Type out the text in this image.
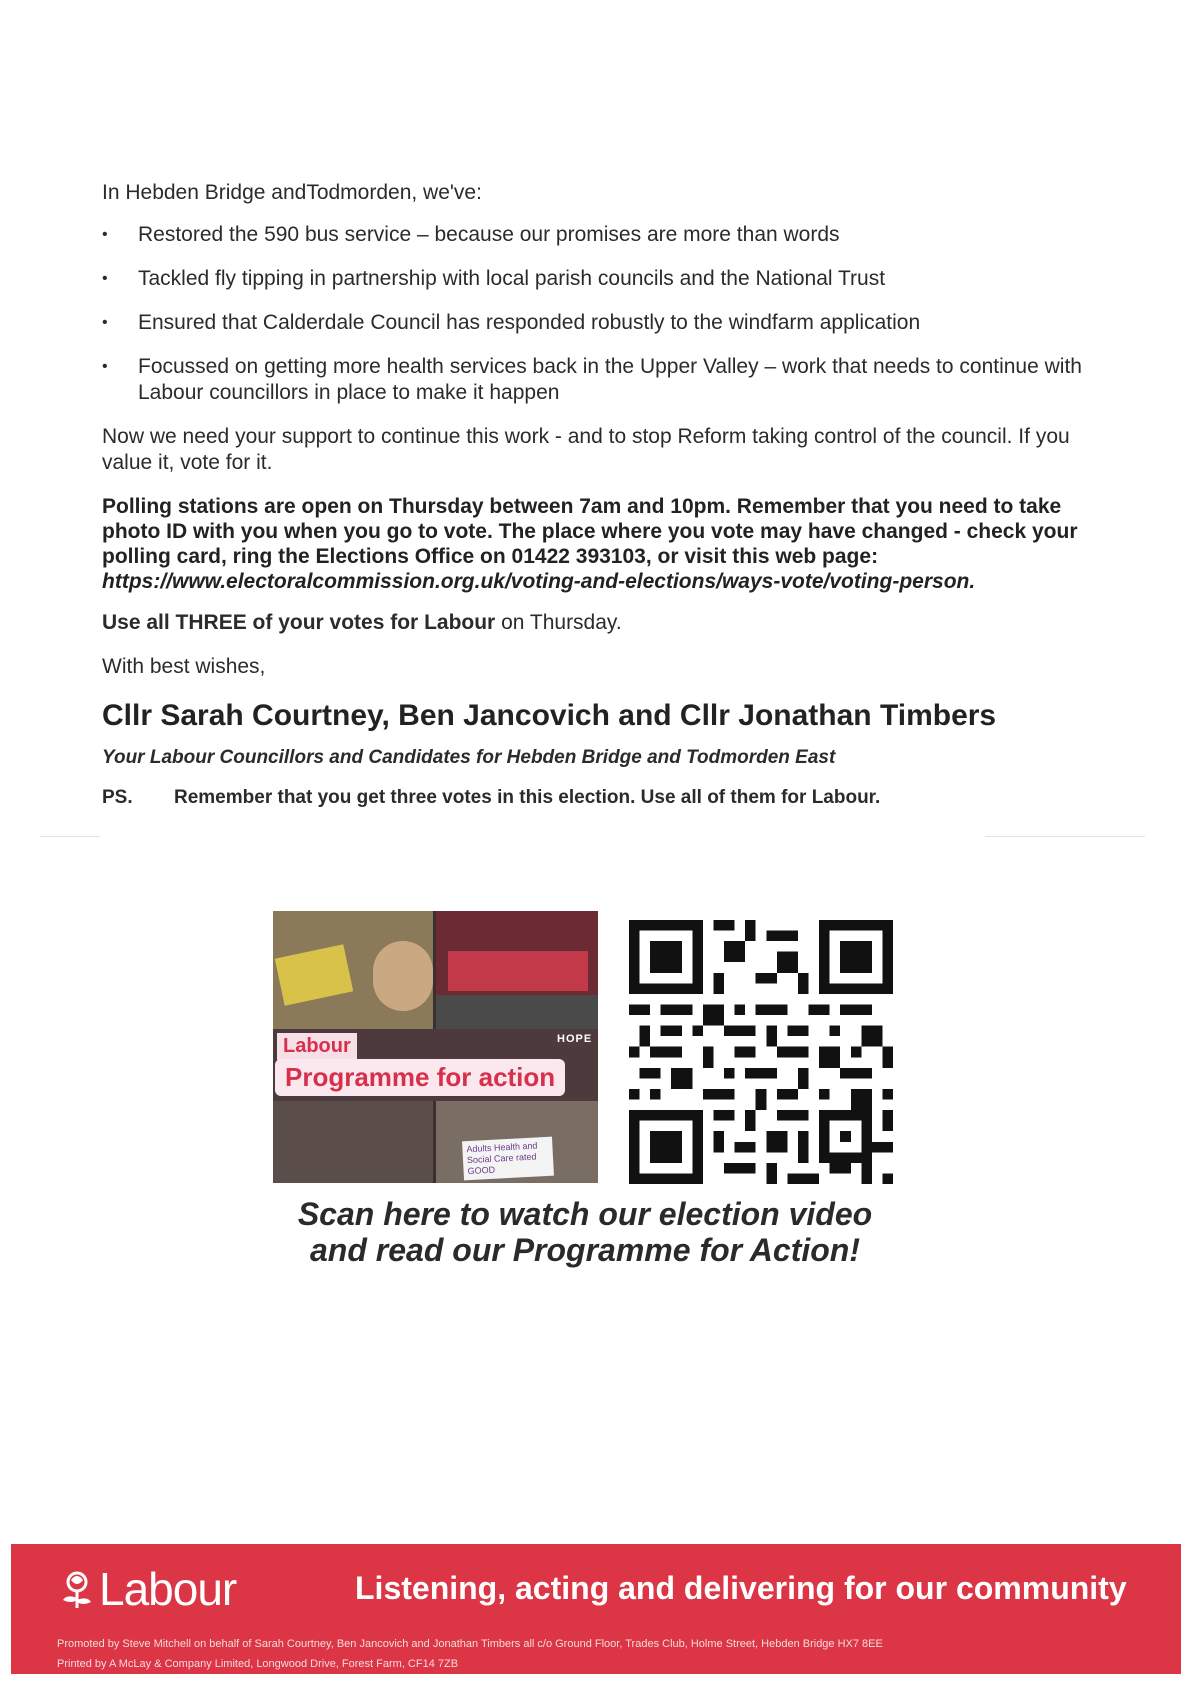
In Hebden Bridge andTodmorden, we've:

• Restored the 590 bus service – because our promises are more than words
• Tackled fly tipping in partnership with local parish councils and the National Trust
• Ensured that Calderdale Council has responded robustly to the windfarm application
• Focussed on getting more health services back in the Upper Valley – work that needs to continue with Labour councillors in place to make it happen

Now we need your support to continue this work - and to stop Reform taking control of the council. If you value it, vote for it.

Polling stations are open on Thursday between 7am and 10pm. Remember that you need to take photo ID with you when you go to vote. The place where you vote may have changed - check your polling card, ring the Elections Office on 01422 393103, or visit this web page: https://www.electoralcommission.org.uk/voting-and-elections/ways-vote/voting-person.

Use all THREE of your votes for Labour on Thursday.

With best wishes,

Cllr Sarah Courtney, Ben Jancovich and Cllr Jonathan Timbers

Your Labour Councillors and Candidates for Hebden Bridge and Todmorden East

PS.	Remember that you get three votes in this election. Use all of them for Labour.
Labour
Programme for action
HOPE
Adults Health and Social Care rated GOOD

Scan here to watch our election video
and read our Programme for Action!

Labour	Listening, acting and delivering for our community
Promoted by Steve Mitchell on behalf of Sarah Courtney, Ben Jancovich and Jonathan Timbers all c/o Ground Floor, Trades Club, Holme Street, Hebden Bridge HX7 8EE
Printed by A McLay & Company Limited, Longwood Drive, Forest Farm, CF14 7ZB
